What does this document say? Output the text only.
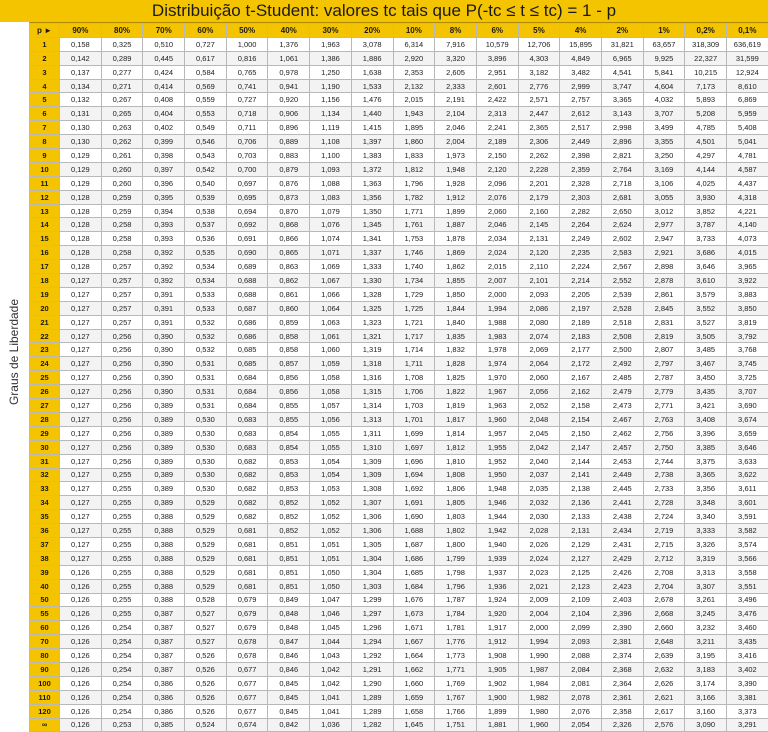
Distribuição t-Student: valores tc tais que P(-tc ≤ t ≤ tc) = 1 - p
Graus de Liberdade
p ►	90%	80%	70%	60%	50%	40%	30%	20%	10%	8%	6%	5%	4%	2%	1%	0,2%	0,1%
1	0,158	0,325	0,510	0,727	1,000	1,376	1,963	3,078	6,314	7,916	10,579	12,706	15,895	31,821	63,657	318,309	636,619
2	0,142	0,289	0,445	0,617	0,816	1,061	1,386	1,886	2,920	3,320	3,896	4,303	4,849	6,965	9,925	22,327	31,599
3	0,137	0,277	0,424	0,584	0,765	0,978	1,250	1,638	2,353	2,605	2,951	3,182	3,482	4,541	5,841	10,215	12,924
4	0,134	0,271	0,414	0,569	0,741	0,941	1,190	1,533	2,132	2,333	2,601	2,776	2,999	3,747	4,604	7,173	8,610
5	0,132	0,267	0,408	0,559	0,727	0,920	1,156	1,476	2,015	2,191	2,422	2,571	2,757	3,365	4,032	5,893	6,869
6	0,131	0,265	0,404	0,553	0,718	0,906	1,134	1,440	1,943	2,104	2,313	2,447	2,612	3,143	3,707	5,208	5,959
7	0,130	0,263	0,402	0,549	0,711	0,896	1,119	1,415	1,895	2,046	2,241	2,365	2,517	2,998	3,499	4,785	5,408
8	0,130	0,262	0,399	0,546	0,706	0,889	1,108	1,397	1,860	2,004	2,189	2,306	2,449	2,896	3,355	4,501	5,041
9	0,129	0,261	0,398	0,543	0,703	0,883	1,100	1,383	1,833	1,973	2,150	2,262	2,398	2,821	3,250	4,297	4,781
10	0,129	0,260	0,397	0,542	0,700	0,879	1,093	1,372	1,812	1,948	2,120	2,228	2,359	2,764	3,169	4,144	4,587
11	0,129	0,260	0,396	0,540	0,697	0,876	1,088	1,363	1,796	1,928	2,096	2,201	2,328	2,718	3,106	4,025	4,437
12	0,128	0,259	0,395	0,539	0,695	0,873	1,083	1,356	1,782	1,912	2,076	2,179	2,303	2,681	3,055	3,930	4,318
13	0,128	0,259	0,394	0,538	0,694	0,870	1,079	1,350	1,771	1,899	2,060	2,160	2,282	2,650	3,012	3,852	4,221
14	0,128	0,258	0,393	0,537	0,692	0,868	1,076	1,345	1,761	1,887	2,046	2,145	2,264	2,624	2,977	3,787	4,140
15	0,128	0,258	0,393	0,536	0,691	0,866	1,074	1,341	1,753	1,878	2,034	2,131	2,249	2,602	2,947	3,733	4,073
16	0,128	0,258	0,392	0,535	0,690	0,865	1,071	1,337	1,746	1,869	2,024	2,120	2,235	2,583	2,921	3,686	4,015
17	0,128	0,257	0,392	0,534	0,689	0,863	1,069	1,333	1,740	1,862	2,015	2,110	2,224	2,567	2,898	3,646	3,965
18	0,127	0,257	0,392	0,534	0,688	0,862	1,067	1,330	1,734	1,855	2,007	2,101	2,214	2,552	2,878	3,610	3,922
19	0,127	0,257	0,391	0,533	0,688	0,861	1,066	1,328	1,729	1,850	2,000	2,093	2,205	2,539	2,861	3,579	3,883
20	0,127	0,257	0,391	0,533	0,687	0,860	1,064	1,325	1,725	1,844	1,994	2,086	2,197	2,528	2,845	3,552	3,850
21	0,127	0,257	0,391	0,532	0,686	0,859	1,063	1,323	1,721	1,840	1,988	2,080	2,189	2,518	2,831	3,527	3,819
22	0,127	0,256	0,390	0,532	0,686	0,858	1,061	1,321	1,717	1,835	1,983	2,074	2,183	2,508	2,819	3,505	3,792
23	0,127	0,256	0,390	0,532	0,685	0,858	1,060	1,319	1,714	1,832	1,978	2,069	2,177	2,500	2,807	3,485	3,768
24	0,127	0,256	0,390	0,531	0,685	0,857	1,059	1,318	1,711	1,828	1,974	2,064	2,172	2,492	2,797	3,467	3,745
25	0,127	0,256	0,390	0,531	0,684	0,856	1,058	1,316	1,708	1,825	1,970	2,060	2,167	2,485	2,787	3,450	3,725
26	0,127	0,256	0,390	0,531	0,684	0,856	1,058	1,315	1,706	1,822	1,967	2,056	2,162	2,479	2,779	3,435	3,707
27	0,127	0,256	0,389	0,531	0,684	0,855	1,057	1,314	1,703	1,819	1,963	2,052	2,158	2,473	2,771	3,421	3,690
28	0,127	0,256	0,389	0,530	0,683	0,855	1,056	1,313	1,701	1,817	1,960	2,048	2,154	2,467	2,763	3,408	3,674
29	0,127	0,256	0,389	0,530	0,683	0,854	1,055	1,311	1,699	1,814	1,957	2,045	2,150	2,462	2,756	3,396	3,659
30	0,127	0,256	0,389	0,530	0,683	0,854	1,055	1,310	1,697	1,812	1,955	2,042	2,147	2,457	2,750	3,385	3,646
31	0,127	0,256	0,389	0,530	0,682	0,853	1,054	1,309	1,696	1,810	1,952	2,040	2,144	2,453	2,744	3,375	3,633
32	0,127	0,255	0,389	0,530	0,682	0,853	1,054	1,309	1,694	1,808	1,950	2,037	2,141	2,449	2,738	3,365	3,622
33	0,127	0,255	0,389	0,530	0,682	0,853	1,053	1,308	1,692	1,806	1,948	2,035	2,138	2,445	2,733	3,356	3,611
34	0,127	0,255	0,389	0,529	0,682	0,852	1,052	1,307	1,691	1,805	1,946	2,032	2,136	2,441	2,728	3,348	3,601
35	0,127	0,255	0,388	0,529	0,682	0,852	1,052	1,306	1,690	1,803	1,944	2,030	2,133	2,438	2,724	3,340	3,591
36	0,127	0,255	0,388	0,529	0,681	0,852	1,052	1,306	1,688	1,802	1,942	2,028	2,131	2,434	2,719	3,333	3,582
37	0,127	0,255	0,388	0,529	0,681	0,851	1,051	1,305	1,687	1,800	1,940	2,026	2,129	2,431	2,715	3,326	3,574
38	0,127	0,255	0,388	0,529	0,681	0,851	1,051	1,304	1,686	1,799	1,939	2,024	2,127	2,429	2,712	3,319	3,566
39	0,126	0,255	0,388	0,529	0,681	0,851	1,050	1,304	1,685	1,798	1,937	2,023	2,125	2,426	2,708	3,313	3,558
40	0,126	0,255	0,388	0,529	0,681	0,851	1,050	1,303	1,684	1,796	1,936	2,021	2,123	2,423	2,704	3,307	3,551
50	0,126	0,255	0,388	0,528	0,679	0,849	1,047	1,299	1,676	1,787	1,924	2,009	2,109	2,403	2,678	3,261	3,496
55	0,126	0,255	0,387	0,527	0,679	0,848	1,046	1,297	1,673	1,784	1,920	2,004	2,104	2,396	2,668	3,245	3,476
60	0,126	0,254	0,387	0,527	0,679	0,848	1,045	1,296	1,671	1,781	1,917	2,000	2,099	2,390	2,660	3,232	3,460
70	0,126	0,254	0,387	0,527	0,678	0,847	1,044	1,294	1,667	1,776	1,912	1,994	2,093	2,381	2,648	3,211	3,435
80	0,126	0,254	0,387	0,526	0,678	0,846	1,043	1,292	1,664	1,773	1,908	1,990	2,088	2,374	2,639	3,195	3,416
90	0,126	0,254	0,387	0,526	0,677	0,846	1,042	1,291	1,662	1,771	1,905	1,987	2,084	2,368	2,632	3,183	3,402
100	0,126	0,254	0,386	0,526	0,677	0,845	1,042	1,290	1,660	1,769	1,902	1,984	2,081	2,364	2,626	3,174	3,390
110	0,126	0,254	0,386	0,526	0,677	0,845	1,041	1,289	1,659	1,767	1,900	1,982	2,078	2,361	2,621	3,166	3,381
120	0,126	0,254	0,386	0,526	0,677	0,845	1,041	1,289	1,658	1,766	1,899	1,980	2,076	2,358	2,617	3,160	3,373
∞	0,126	0,253	0,385	0,524	0,674	0,842	1,036	1,282	1,645	1,751	1,881	1,960	2,054	2,326	2,576	3,090	3,291
